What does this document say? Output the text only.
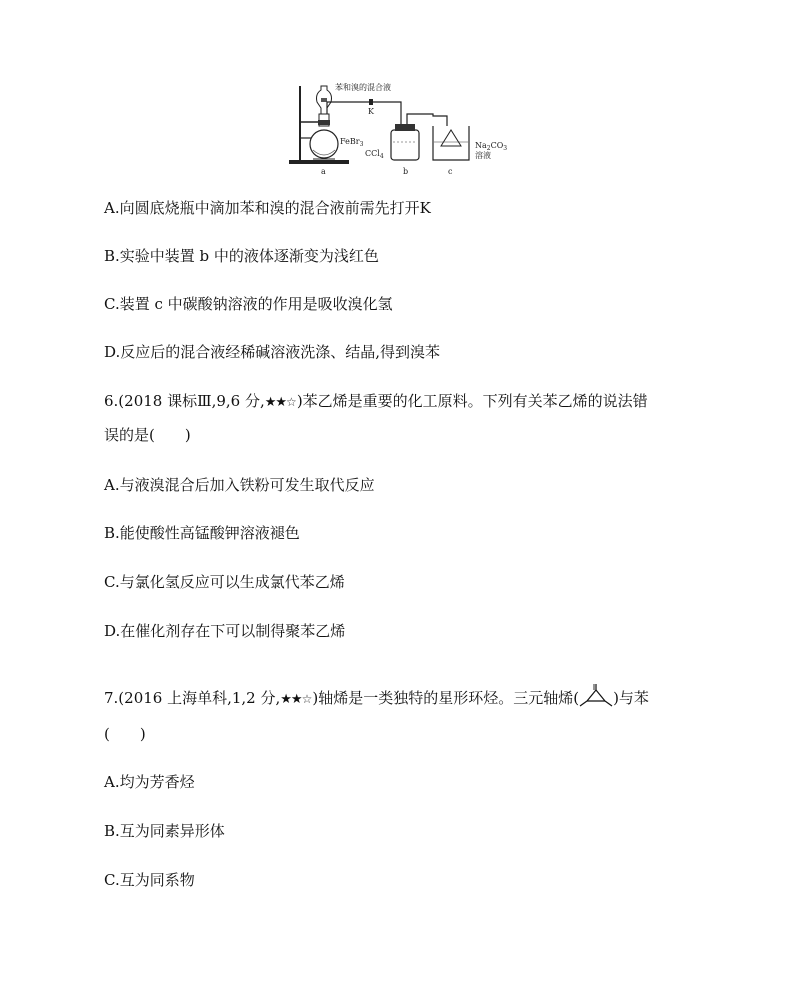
苯和溴的混合液
K
FeBr$_3$
CCl$_4$
$Na_2CO_3$
溶液
a	b	c
A.向圆底烧瓶中滴加苯和溴的混合液前需先打开K
B.实验中装置 b 中的液体逐渐变为浅红色
C.装置 c 中碳酸钠溶液的作用是吸收溴化氢
D.反应后的混合液经稀碱溶液洗涤、结晶,得到溴苯
6.(2018 课标Ⅲ,9,6 分,★★☆)苯乙烯是重要的化工原料。下列有关苯乙烯的说法错
误的是(　　)
A.与液溴混合后加入铁粉可发生取代反应
B.能使酸性高锰酸钾溶液褪色
C.与氯化氢反应可以生成氯代苯乙烯
D.在催化剂存在下可以制得聚苯乙烯
7.(2016 上海单科,1,2 分,★★☆)轴烯是一类独特的星形环烃。三元轴烯( )与苯
(　　)
A.均为芳香烃
B.互为同素异形体
C.互为同系物
